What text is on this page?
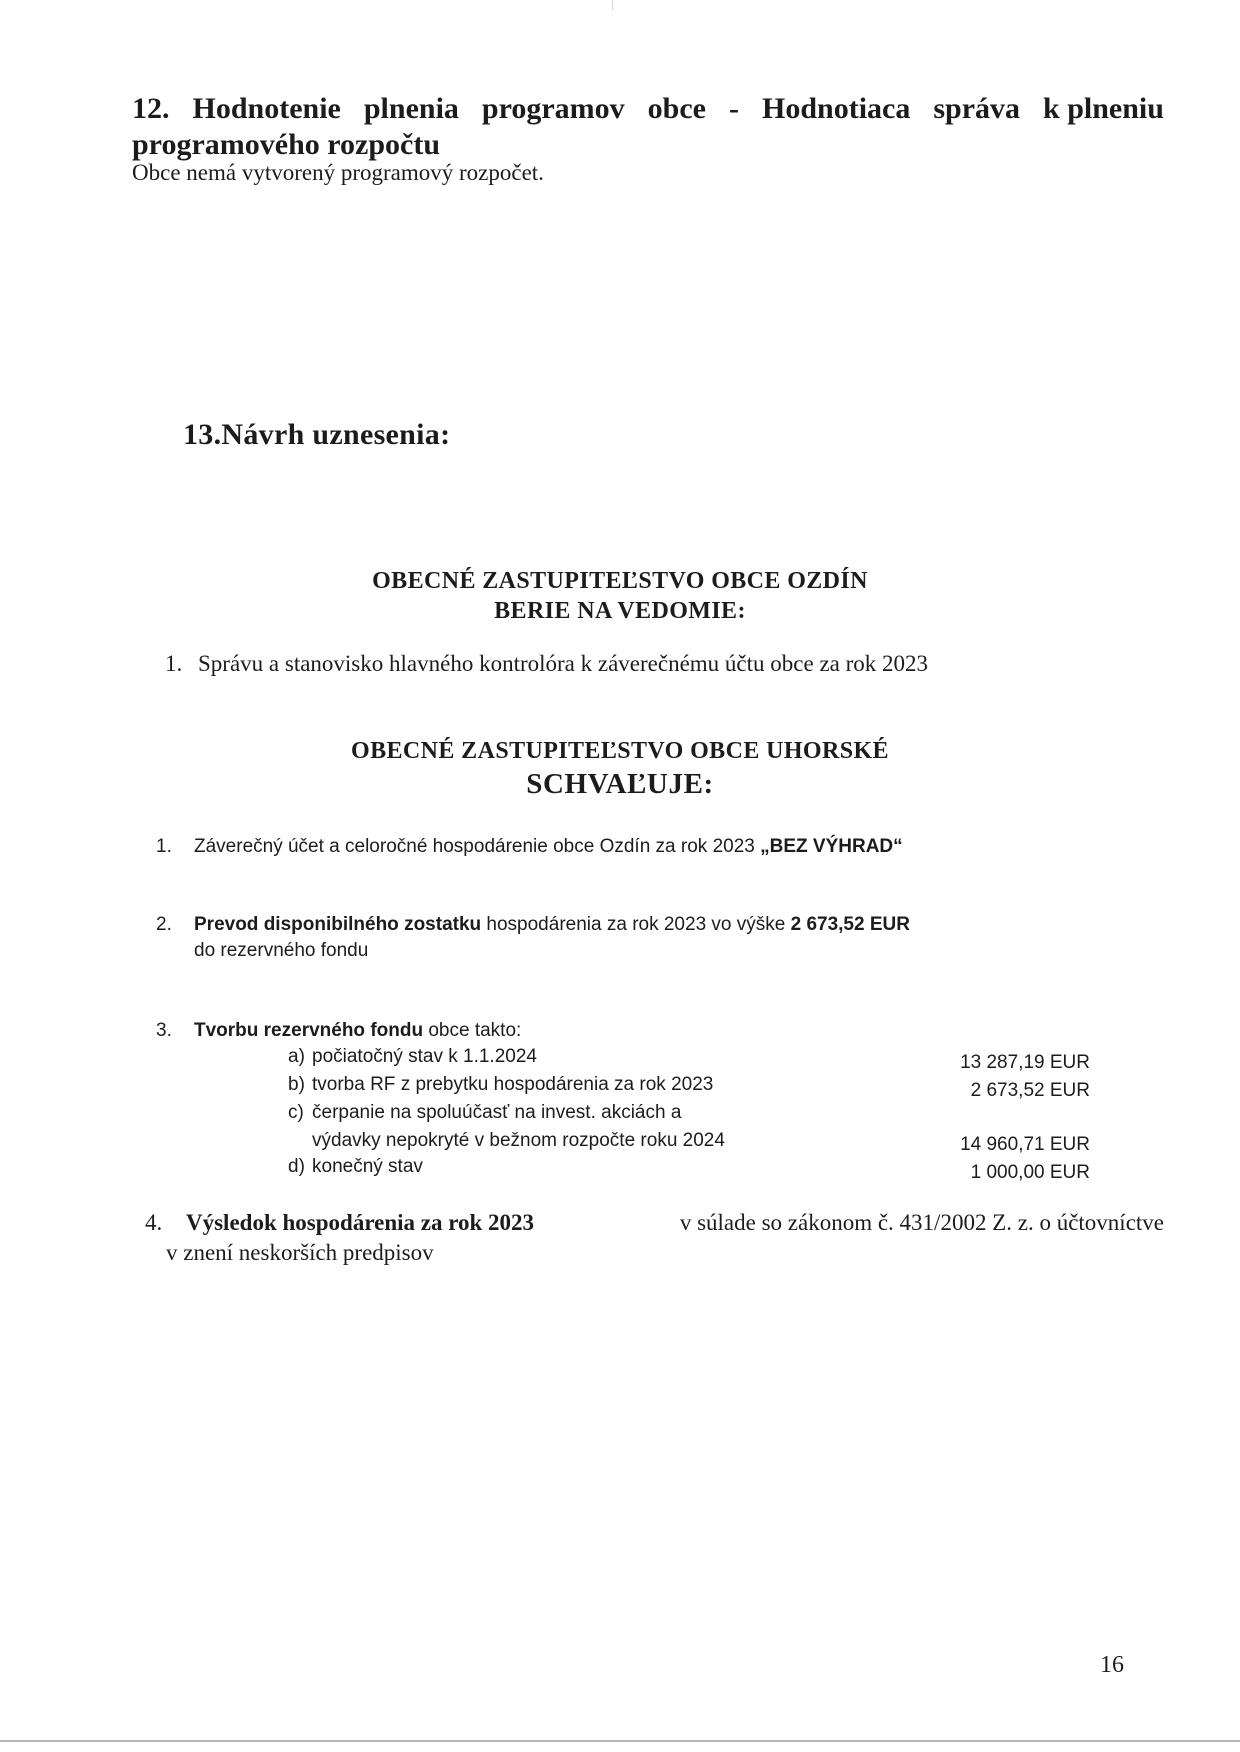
12. Hodnotenie plnenia programov obce - Hodnotiaca správa k plneniu
programového rozpočtu
Obce nemá vytvorený programový rozpočet.
13.Návrh uznesenia:
OBECNÉ ZASTUPITEĽSTVO OBCE OZDÍN
BERIE NA VEDOMIE:
1. Správu a stanovisko hlavného kontrolóra k záverečnému účtu obce za rok 2023
OBECNÉ ZASTUPITEĽSTVO OBCE UHORSKÉ
SCHVAĽUJE:
1. Záverečný účet a celoročné hospodárenie obce Ozdín za rok 2023 „BEZ VÝHRAD“
2. Prevod disponibilného zostatku hospodárenia za rok 2023 vo výške 2 673,52 EUR
do rezervného fondu
3. Tvorbu rezervného fondu obce takto:
a) počiatočný stav k 1.1.2024	13 287,19 EUR
b) tvorba RF z prebytku hospodárenia za rok 2023	2 673,52 EUR
c) čerpanie na spoluúčasť na invest. akciách a
výdavky nepokryté v bežnom rozpočte roku 2024	14 960,71 EUR
d) konečný stav	1 000,00 EUR
4. Výsledok hospodárenia za rok 2023	v súlade so zákonom č. 431/2002 Z. z. o účtovníctve
v znení neskorších predpisov
16
